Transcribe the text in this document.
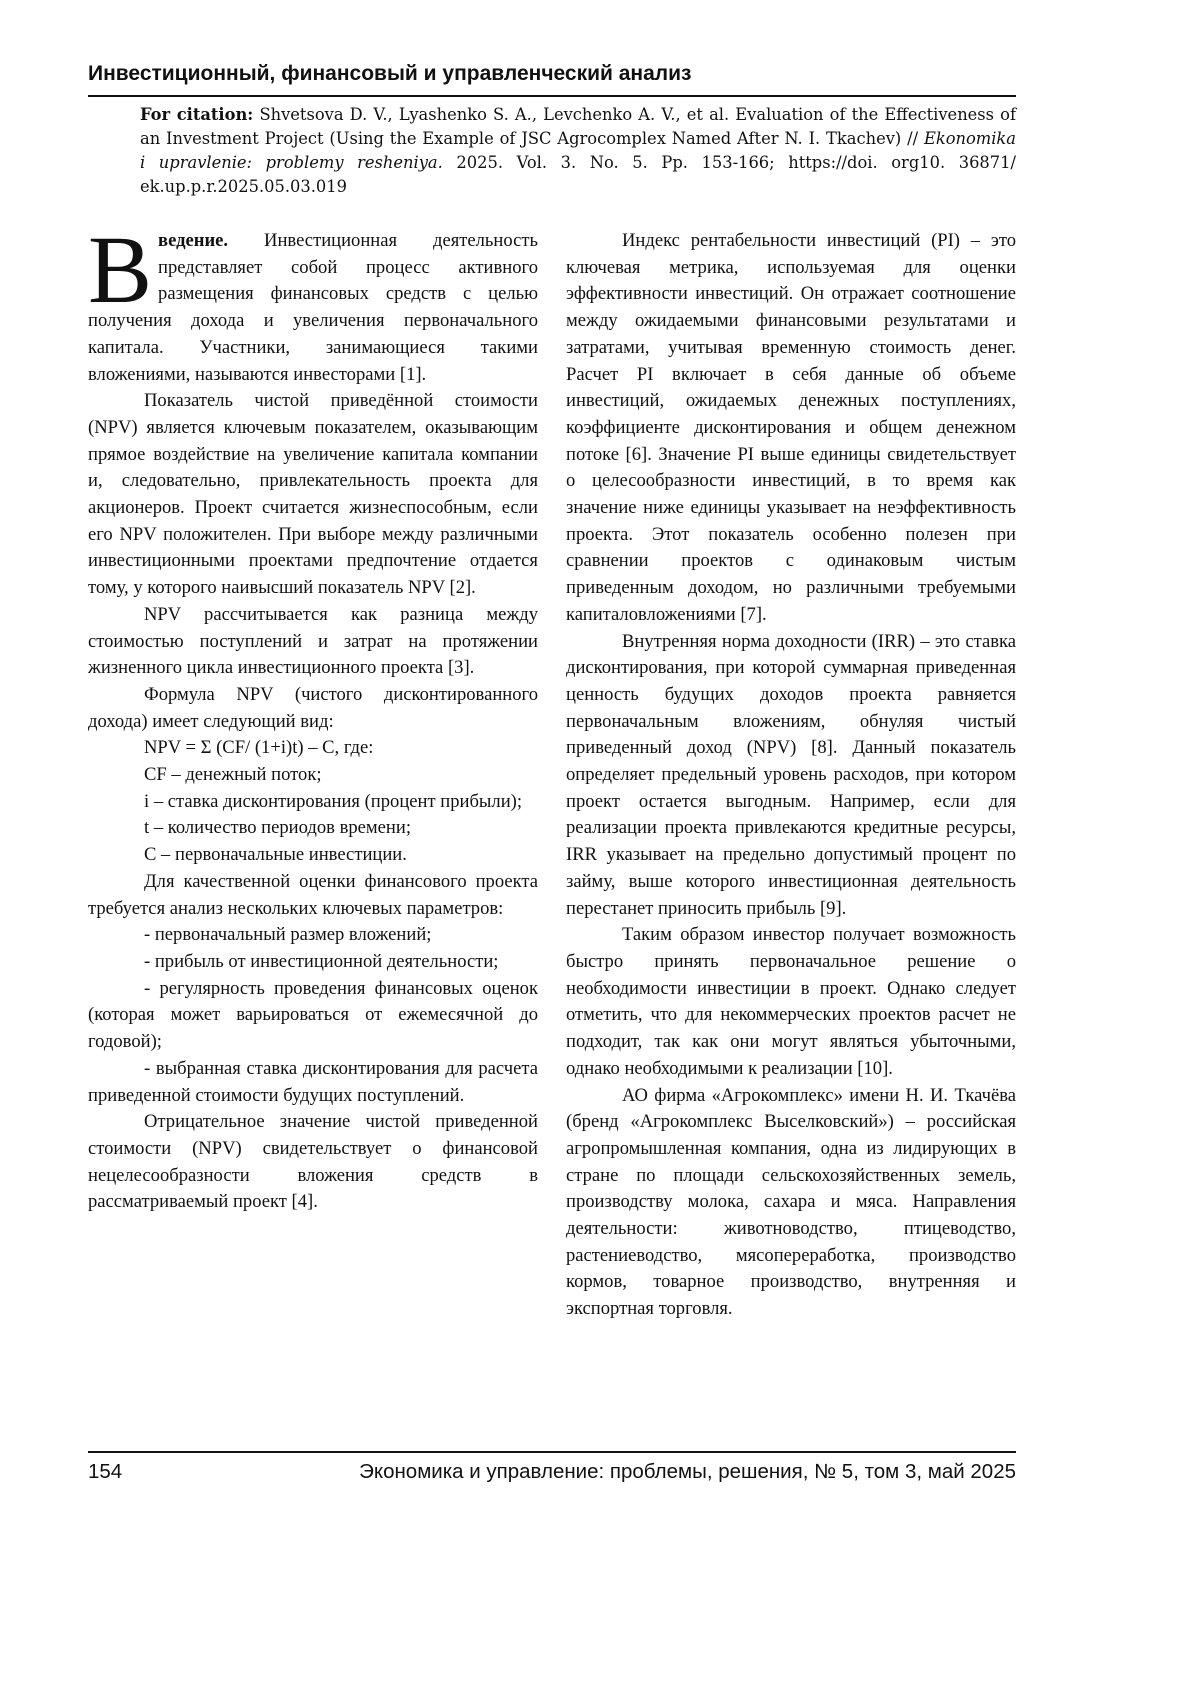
Инвестиционный, финансовый и управленческий анализ
For citation: Shvetsova D. V., Lyashenko S. A., Levchenko A. V., et al. Evaluation of the Effectiveness of an Investment Project (Using the Example of JSC Agrocomplex Named After N. I. Tkachev) // Ekonomika i upravlenie: problemy resheniya. 2025. Vol. 3. No. 5. Pp. 153-166; https://doi. org10. 36871/ ek.up.p.r.2025.05.03.019

В ведение. Инвестиционная деятельность представляет собой процесс активного размещения финансовых средств с целью получения дохода и увеличения первоначального капитала. Участники, занимающиеся такими вложениями, называются инвесторами [1].

Показатель чистой приведённой стоимости (NPV) является ключевым показателем, оказывающим прямое воздействие на увеличение капитала компании и, следовательно, привлекательность проекта для акционеров. Проект считается жизнеспособным, если его NPV положителен. При выборе между различными инвестиционными проектами предпочтение отдается тому, у которого наивысший показатель NPV [2].

NPV рассчитывается как разница между стоимостью поступлений и затрат на протяжении жизненного цикла инвестиционного проекта [3].

Формула NPV (чистого дисконтированного дохода) имеет следующий вид:

NPV = Σ (CF/ (1+i)t) – C, где:

CF – денежный поток;

i – ставка дисконтирования (процент прибыли);

t – количество периодов времени;

C – первоначальные инвестиции.

Для качественной оценки финансового проекта требуется анализ нескольких ключевых параметров:

- первоначальный размер вложений;

- прибыль от инвестиционной деятельности;

- регулярность проведения финансовых оценок (которая может варьироваться от ежемесячной до годовой);

- выбранная ставка дисконтирования для расчета приведенной стоимости будущих поступлений.

Отрицательное значение чистой приведенной стоимости (NPV) свидетельствует о финансовой нецелесообразности вложения средств в рассматриваемый проект [4].

Индекс рентабельности инвестиций (PI) – это ключевая метрика, используемая для оценки эффективности инвестиций. Он отражает соотношение между ожидаемыми финансовыми результатами и затратами, учитывая временную стоимость денег. Расчет PI включает в себя данные об объеме инвестиций, ожидаемых денежных поступлениях, коэффициенте дисконтирования и общем денежном потоке [6]. Значение PI выше единицы свидетельствует о целесообразности инвестиций, в то время как значение ниже единицы указывает на неэффективность проекта. Этот показатель особенно полезен при сравнении проектов с одинаковым чистым приведенным доходом, но различными требуемыми капиталовложениями [7].

Внутренняя норма доходности (IRR) – это ставка дисконтирования, при которой суммарная приведенная ценность будущих доходов проекта равняется первоначальным вложениям, обнуляя чистый приведенный доход (NPV) [8]. Данный показатель определяет предельный уровень расходов, при котором проект остается выгодным. Например, если для реализации проекта привлекаются кредитные ресурсы, IRR указывает на предельно допустимый процент по займу, выше которого инвестиционная деятельность перестанет приносить прибыль [9].

Таким образом инвестор получает возможность быстро принять первоначальное решение о необходимости инвестиции в проект. Однако следует отметить, что для некоммерческих проектов расчет не подходит, так как они могут являться убыточными, однако необходимыми к реализации [10].

АО фирма «Агрокомплекс» имени Н. И. Ткачёва (бренд «Агрокомплекс Выселковский») – российская агропромышленная компания, одна из лидирующих в стране по площади сельскохозяйственных земель, производству молока, сахара и мяса. Направления деятельности: животноводство, птицеводство, растениеводство, мясопереработка, производство кормов, товарное производство, внутренняя и экспортная торговля.

154	Экономика и управление: проблемы, решения, № 5, том 3, май 2025
